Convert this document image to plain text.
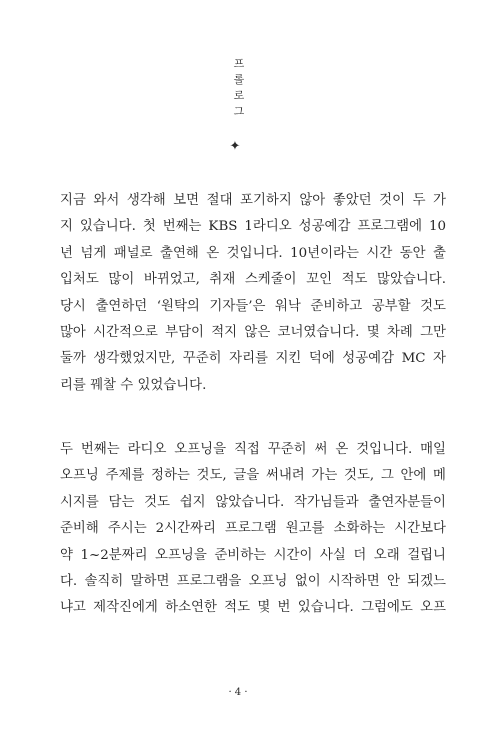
프
롤
로
그
✦
지금 와서 생각해 보면 절대 포기하지 않아 좋았던 것이 두 가
지 있습니다. 첫 번째는 KBS 1라디오 성공예감 프로그램에 10
년 넘게 패널로 출연해 온 것입니다. 10년이라는 시간 동안 출
입처도 많이 바뀌었고, 취재 스케줄이 꼬인 적도 많았습니다.
당시 출연하던 ‘원탁의 기자들’은 워낙 준비하고 공부할 것도
많아 시간적으로 부담이 적지 않은 코너였습니다. 몇 차례 그만
둘까 생각했었지만, 꾸준히 자리를 지킨 덕에 성공예감 MC 자
리를 꿰찰 수 있었습니다.
두 번째는 라디오 오프닝을 직접 꾸준히 써 온 것입니다. 매일
오프닝 주제를 정하는 것도, 글을 써내려 가는 것도, 그 안에 메
시지를 담는 것도 쉽지 않았습니다. 작가님들과 출연자분들이
준비해 주시는 2시간짜리 프로그램 원고를 소화하는 시간보다
약 1~2분짜리 오프닝을 준비하는 시간이 사실 더 오래 걸립니
다. 솔직히 말하면 프로그램을 오프닝 없이 시작하면 안 되겠느
냐고 제작진에게 하소연한 적도 몇 번 있습니다. 그럼에도 오프
· 4 ·
